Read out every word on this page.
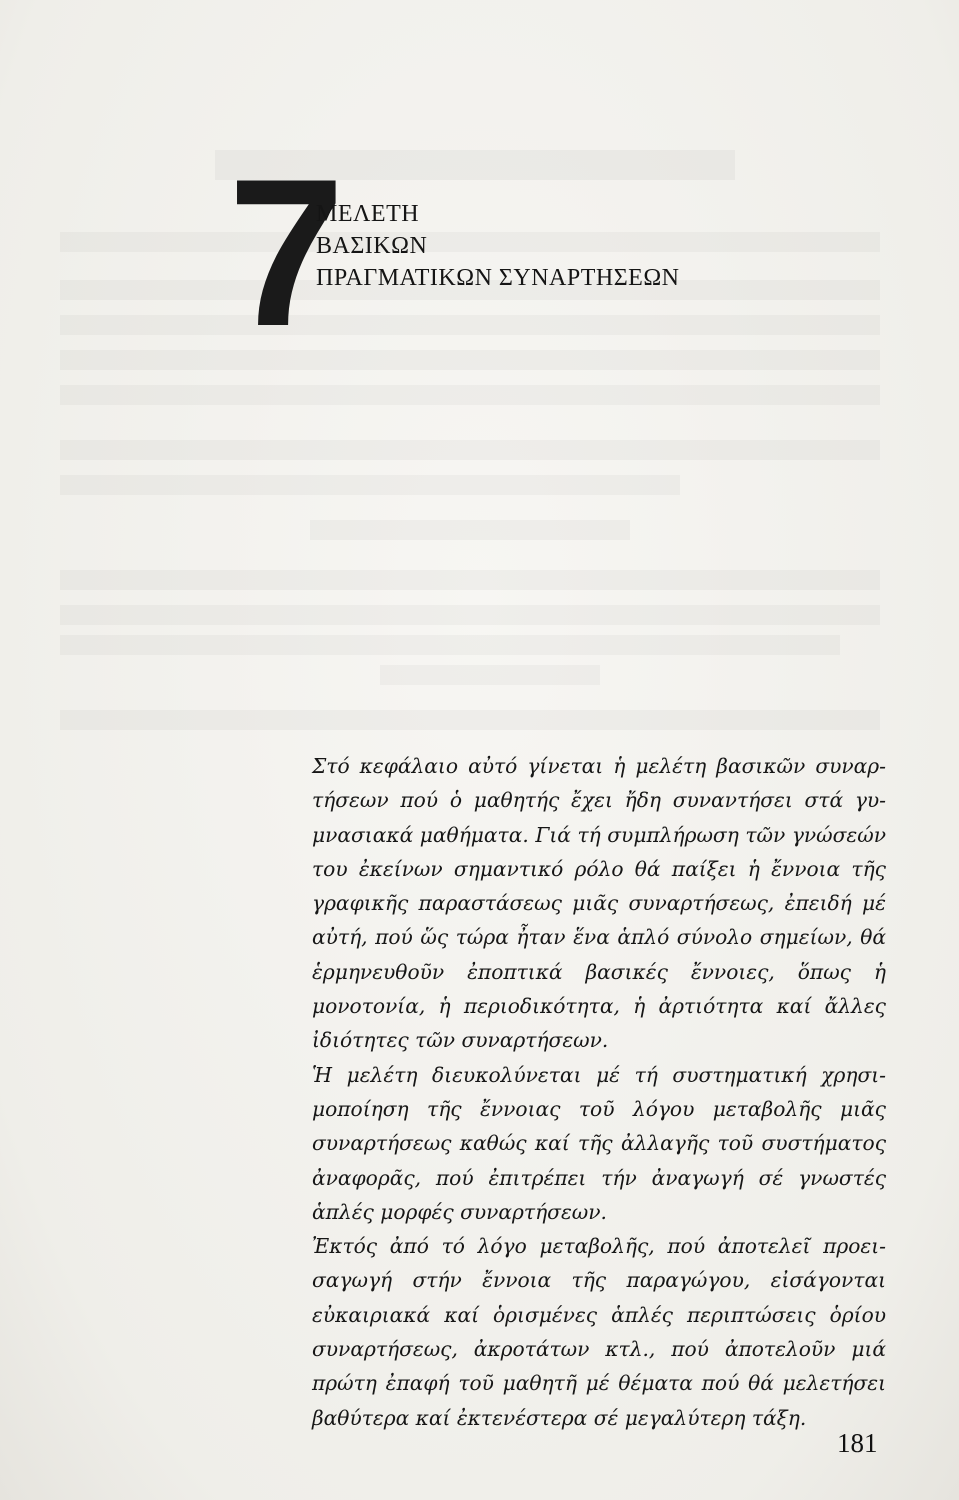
7
ΜΕΛΕΤΗ
ΒΑΣΙΚΩΝ
ΠΡΑΓΜΑΤΙΚΩΝ ΣΥΝΑΡΤΗΣΕΩΝ

Στό κεφάλαιο αὐτό γίνεται ἡ μελέτη βασικῶν συναρτήσεων πού ὁ μαθητής ἔχει ἤδη συναντήσει στά γυμνασιακά μαθήματα. Γιά τή συμπλήρωση τῶν γνώσεών του ἐκείνων σημαντικό ρόλο θά παίξει ἡ ἔννοια τῆς γραφικῆς παραστάσεως μιᾶς συναρτήσεως, ἐπειδή μέ αὐτή, πού ὥς τώρα ἦταν ἕνα ἁπλό σύνολο σημείων, θά ἑρμηνευθοῦν ἐποπτικά βασικές ἔννοιες, ὅπως ἡ μονοτονία, ἡ περιοδικότητα, ἡ ἀρτιότητα καί ἄλλες ἰδιότητες τῶν συναρτήσεων.

Ἡ μελέτη διευκολύνεται μέ τή συστηματική χρησιμοποίηση τῆς ἔννοιας τοῦ λόγου μεταβολῆς μιᾶς συναρτήσεως καθώς καί τῆς ἀλλαγῆς τοῦ συστήματος ἀναφορᾶς, πού ἐπιτρέπει τήν ἀναγωγή σέ γνωστές ἁπλές μορφές συναρτήσεων.

Ἐκτός ἀπό τό λόγο μεταβολῆς, πού ἀποτελεῖ προεισαγωγή στήν ἔννοια τῆς παραγώγου, εἰσάγονται εὐκαιριακά καί ὁρισμένες ἁπλές περιπτώσεις ὁρίου συναρτήσεως, ἀκροτάτων κτλ., πού ἀποτελοῦν μιά πρώτη ἐπαφή τοῦ μαθητῆ μέ θέματα πού θά μελετήσει βαθύτερα καί ἐκτενέστερα σέ μεγαλύτερη τάξη.

181
